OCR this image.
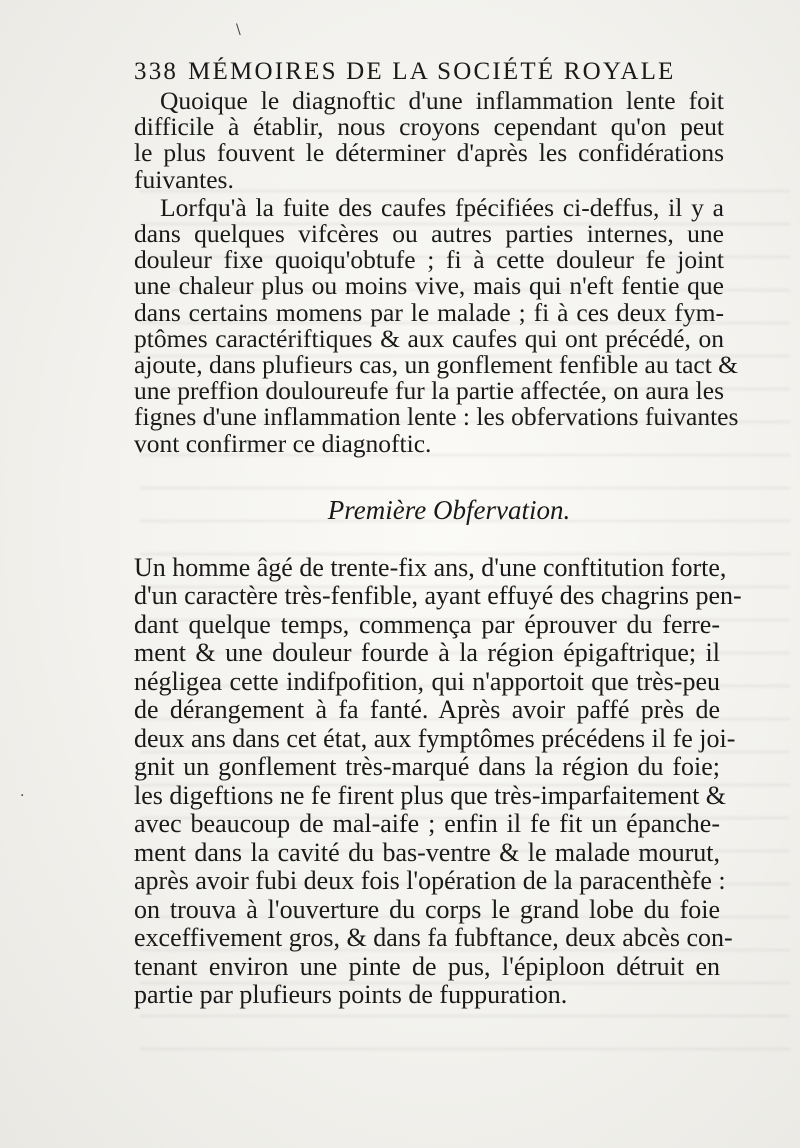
\
·
338 MÉMOIRES DE LA SOCIÉTÉ ROYALE

Quoique le diagnoftic d'une inflammation lente foit
difficile à établir, nous croyons cependant qu'on peut
le plus fouvent le déterminer d'après les confidérations
fuivantes.

Lorfqu'à la fuite des caufes fpécifiées ci-deffus, il y a
dans quelques vifcères ou autres parties internes, une
douleur fixe quoiqu'obtufe ; fi à cette douleur fe joint
une chaleur plus ou moins vive, mais qui n'eft fentie que
dans certains momens par le malade ; fi à ces deux fym-
ptômes caractériftiques & aux caufes qui ont précédé, on
ajoute, dans plufieurs cas, un gonflement fenfible au tact &
une preffion douloureufe fur la partie affectée, on aura les
fignes d'une inflammation lente : les obfervations fuivantes
vont confirmer ce diagnoftic.

Première Obfervation.

Un homme âgé de trente-fix ans, d'une conftitution forte,
d'un caractère très-fenfible, ayant effuyé des chagrins pen-
dant quelque temps, commença par éprouver du ferre-
ment & une douleur fourde à la région épigaftrique; il
négligea cette indifpofition, qui n'apportoit que très-peu
de dérangement à fa fanté. Après avoir paffé près de
deux ans dans cet état, aux fymptômes précédens il fe joi-
gnit un gonflement très-marqué dans la région du foie;
les digeftions ne fe firent plus que très-imparfaitement &
avec beaucoup de mal-aife ; enfin il fe fit un épanche-
ment dans la cavité du bas-ventre & le malade mourut,
après avoir fubi deux fois l'opération de la paracenthèfe :
on trouva à l'ouverture du corps le grand lobe du foie
exceffivement gros, & dans fa fubftance, deux abcès con-
tenant environ une pinte de pus, l'épiploon détruit en
partie par plufieurs points de fuppuration.
